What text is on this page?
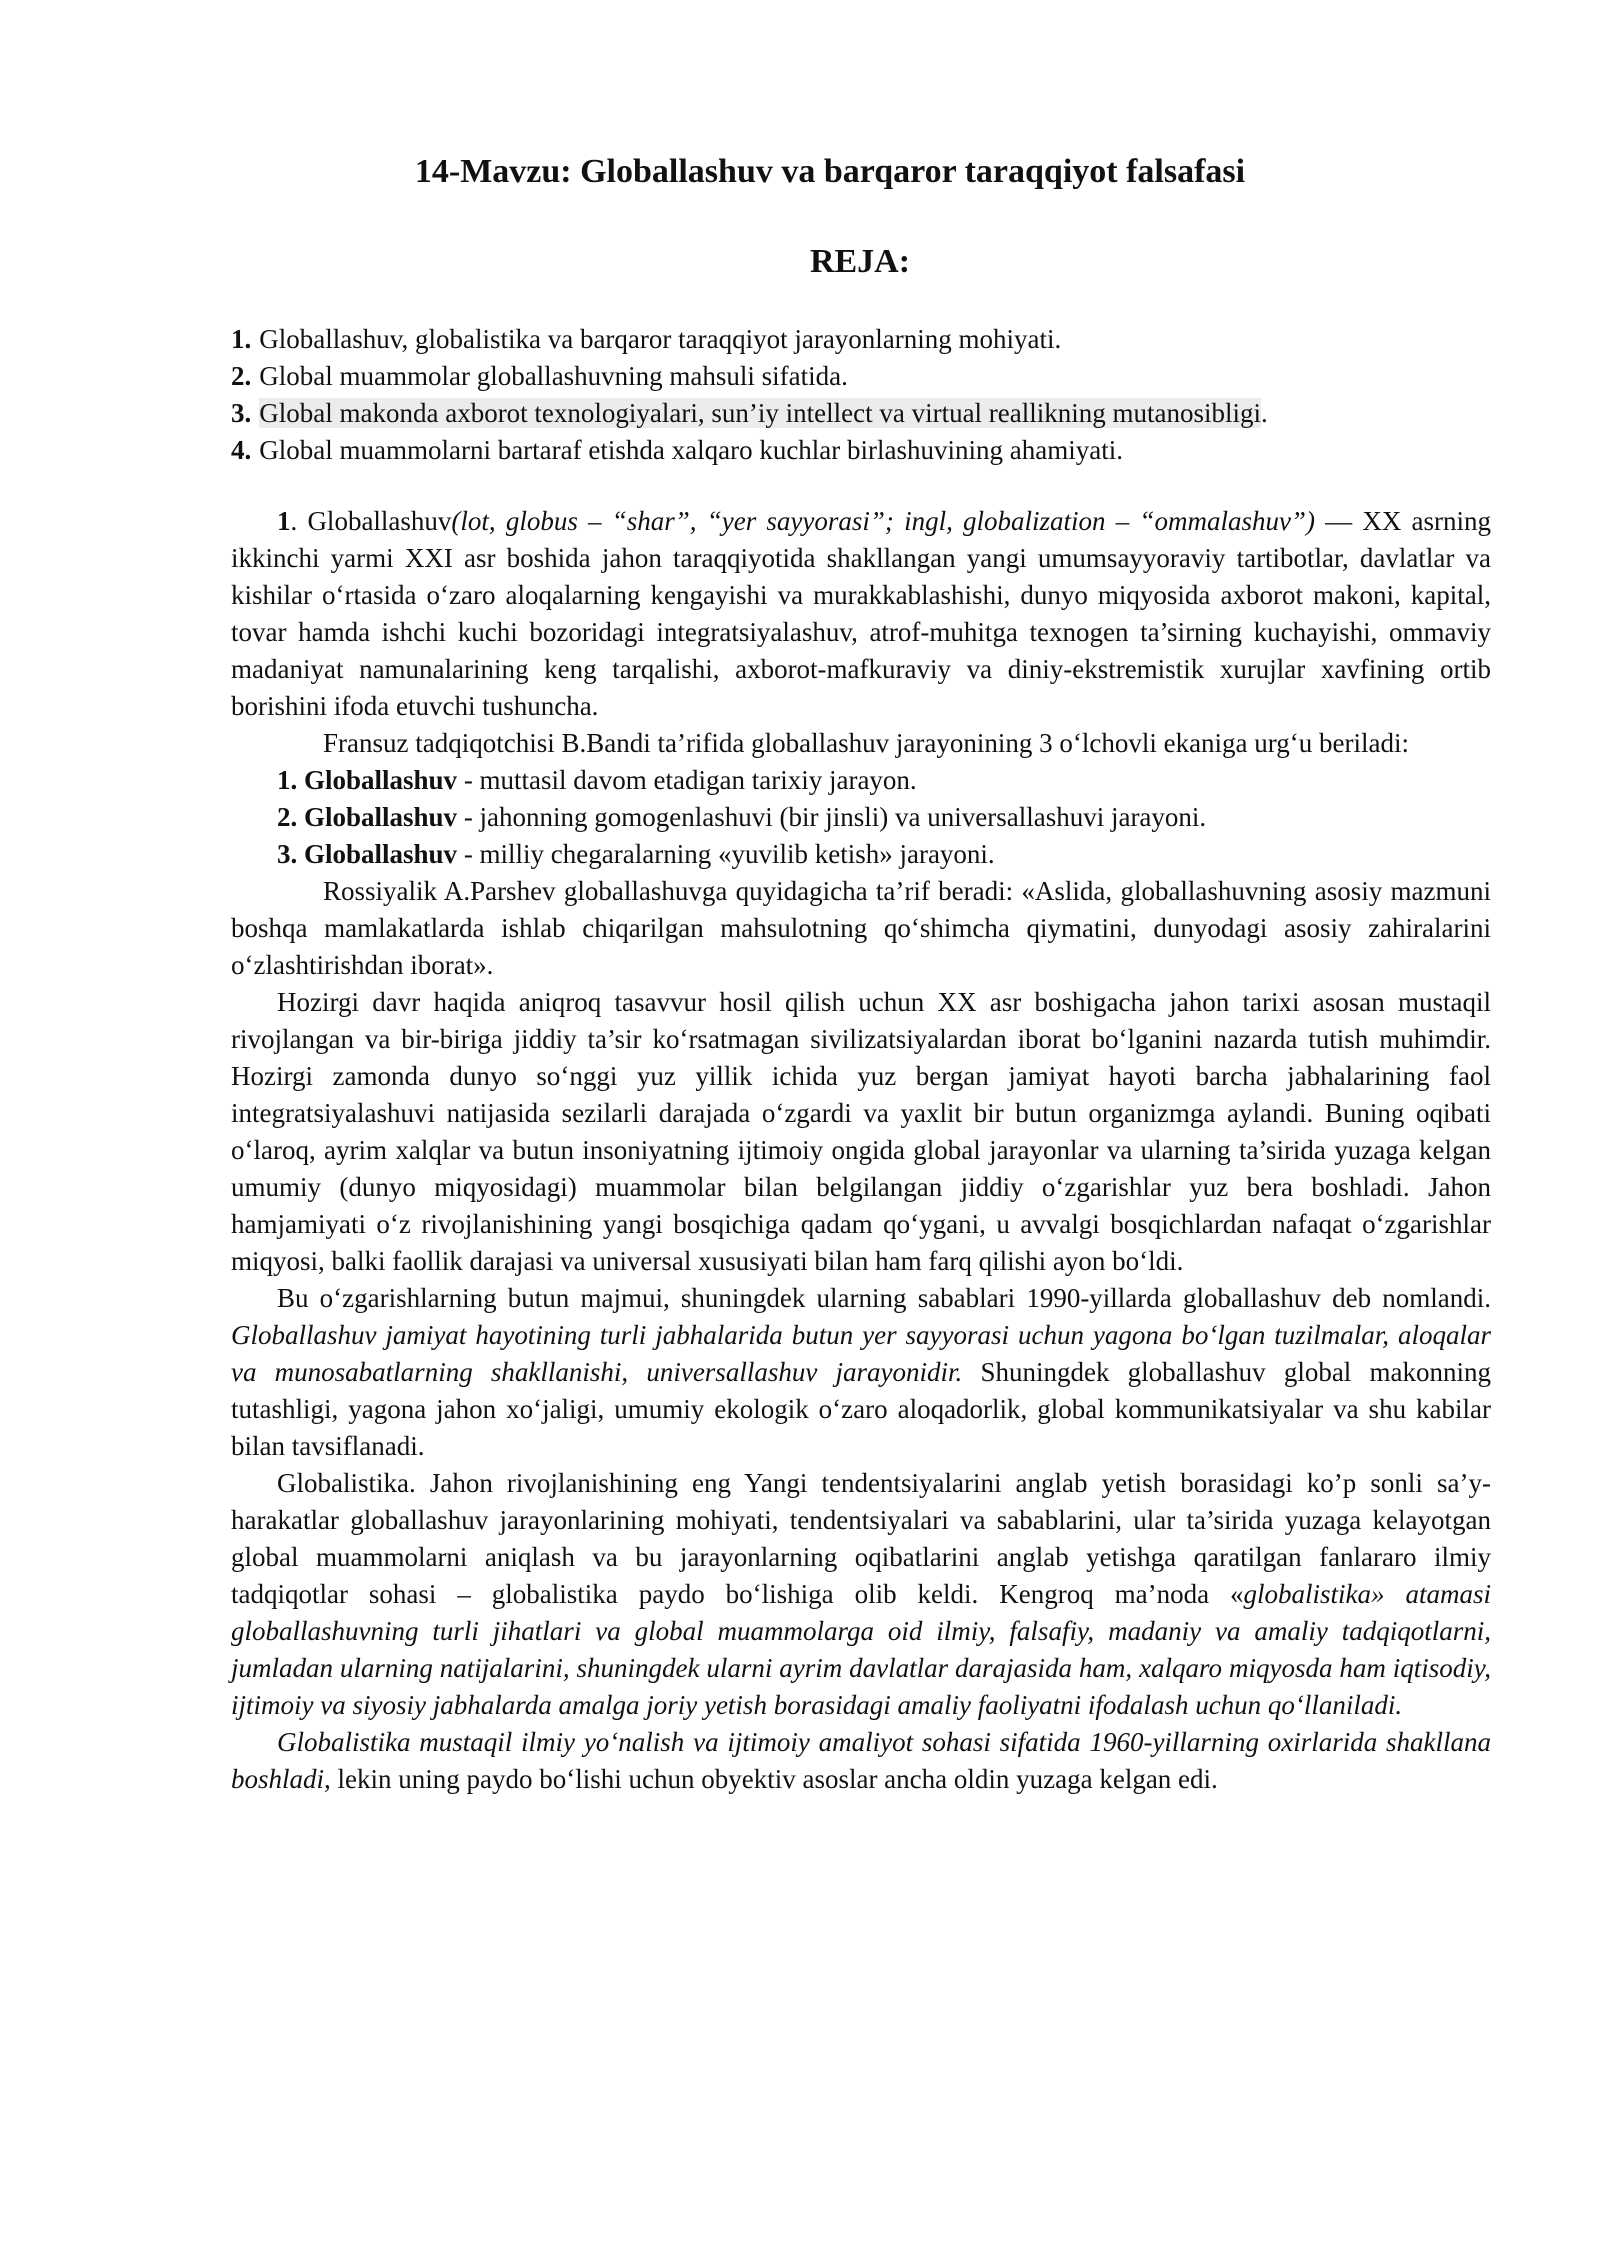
14-Mavzu: Globallashuv va barqaror taraqqiyot falsafasi
REJA:
1. Globallashuv, globalistika va barqaror taraqqiyot jarayonlarning mohiyati.
2. Global muammolar globallashuvning mahsuli sifatida.
3. Global makonda axborot texnologiyalari, sun’iy intellect va virtual reallikning mutanosibligi.
4. Global muammolarni bartaraf etishda xalqaro kuchlar birlashuvining ahamiyati.

1. Globallashuv(lot, globus – “shar”, “yer sayyorasi”; ingl, globalization – “ommalashuv”) — XX asrning ikkinchi yarmi XXI asr boshida jahon taraqqiyotida shakllangan yangi umumsayyoraviy tartibotlar, davlatlar va kishilar oʻrtasida oʻzaro aloqalarning kengayishi va murakkablashishi, dunyo miqyosida axborot makoni, kapital, tovar hamda ishchi kuchi bozoridagi integratsiyalashuv, atrof-muhitga texnogen ta’sirning kuchayishi, ommaviy madaniyat namunalarining keng tarqalishi, axborot-mafkuraviy va diniy-ekstremistik xurujlar xavfining ortib borishini ifoda etuvchi tushuncha.

Fransuz tadqiqotchisi B.Bandi ta’rifida globallashuv jarayonining 3 oʻlchovli ekaniga urgʻu beriladi:

1. Globallashuv - muttasil davom etadigan tarixiy jarayon.
2. Globallashuv - jahonning gomogenlashuvi (bir jinsli) va universallashuvi jarayoni.
3. Globallashuv - milliy chegaralarning «yuvilib ketish» jarayoni.

Rossiyalik A.Parshev globallashuvga quyidagicha ta’rif beradi: «Aslida, globallashuvning asosiy mazmuni boshqa mamlakatlarda ishlab chiqarilgan mahsulotning qoʻshimcha qiymatini, dunyodagi asosiy zahiralarini oʻzlashtirishdan iborat».

Hozirgi davr haqida aniqroq tasavvur hosil qilish uchun XX asr boshigacha jahon tarixi asosan mustaqil rivojlangan va bir-biriga jiddiy ta’sir koʻrsatmagan sivilizatsiyalardan iborat boʻlganini nazarda tutish muhimdir. Hozirgi zamonda dunyo soʻnggi yuz yillik ichida yuz bergan jamiyat hayoti barcha jabhalarining faol integratsiyalashuvi natijasida sezilarli darajada oʻzgardi va yaxlit bir butun organizmga aylandi. Buning oqibati oʻlaroq, ayrim xalqlar va butun insoniyatning ijtimoiy ongida global jarayonlar va ularning ta’sirida yuzaga kelgan umumiy (dunyo miqyosidagi) muammolar bilan belgilangan jiddiy oʻzgarishlar yuz bera boshladi. Jahon hamjamiyati oʻz rivojlanishining yangi bosqichiga qadam qoʻygani, u avvalgi bosqichlardan nafaqat oʻzgarishlar miqyosi, balki faollik darajasi va universal xususiyati bilan ham farq qilishi ayon boʻldi.

Bu oʻzgarishlarning butun majmui, shuningdek ularning sabablari 1990-yillarda globallashuv deb nomlandi. Globallashuv jamiyat hayotining turli jabhalarida butun yer sayyorasi uchun yagona boʻlgan tuzilmalar, aloqalar va munosabatlarning shakllanishi, universallashuv jarayonidir. Shuningdek globallashuv global makonning tutashligi, yagona jahon xoʻjaligi, umumiy ekologik oʻzaro aloqadorlik, global kommunikatsiyalar va shu kabilar bilan tavsiflanadi.

Globalistika. Jahon rivojlanishining eng Yangi tendentsiyalarini anglab yetish borasidagi ko’p sonli sa’y-harakatlar globallashuv jarayonlarining mohiyati, tendentsiyalari va sabablarini, ular ta’sirida yuzaga kelayotgan global muammolarni aniqlash va bu jarayonlarning oqibatlarini anglab yetishga qaratilgan fanlararo ilmiy tadqiqotlar sohasi – globalistika paydo boʻlishiga olib keldi. Kengroq ma’noda «globalistika» atamasi globallashuvning turli jihatlari va global muammolarga oid ilmiy, falsafiy, madaniy va amaliy tadqiqotlarni, jumladan ularning natijalarini, shuningdek ularni ayrim davlatlar darajasida ham, xalqaro miqyosda ham iqtisodiy, ijtimoiy va siyosiy jabhalarda amalga joriy yetish borasidagi amaliy faoliyatni ifodalash uchun qoʻllaniladi.

Globalistika mustaqil ilmiy yoʻnalish va ijtimoiy amaliyot sohasi sifatida 1960-yillarning oxirlarida shakllana boshladi, lekin uning paydo boʻlishi uchun obyektiv asoslar ancha oldin yuzaga kelgan edi.
